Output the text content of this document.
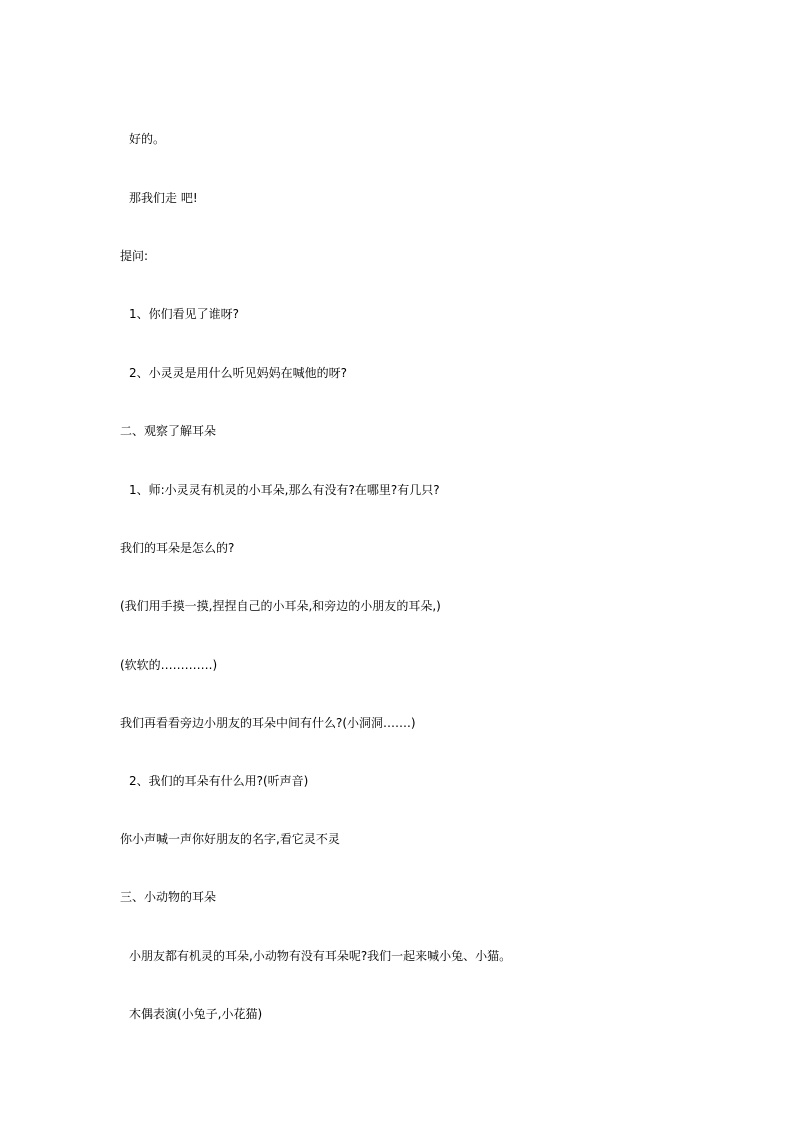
好的。
那我们走 吧!
提问:
1、你们看见了谁呀?
2、小灵灵是用什么听见妈妈在喊他的呀?
二、观察了解耳朵
1、师:小灵灵有机灵的小耳朵,那么有没有?在哪里?有几只?
我们的耳朵是怎么的?
(我们用手摸一摸,捏捏自己的小耳朵,和旁边的小朋友的耳朵,)
(软软的………….)
我们再看看旁边小朋友的耳朵中间有什么?(小洞洞…….)
2、我们的耳朵有什么用?(听声音)
你小声喊一声你好朋友的名字,看它灵不灵
三、小动物的耳朵
小朋友都有机灵的耳朵,小动物有没有耳朵呢?我们一起来喊小兔、小猫。
木偶表演(小兔子,小花猫)
